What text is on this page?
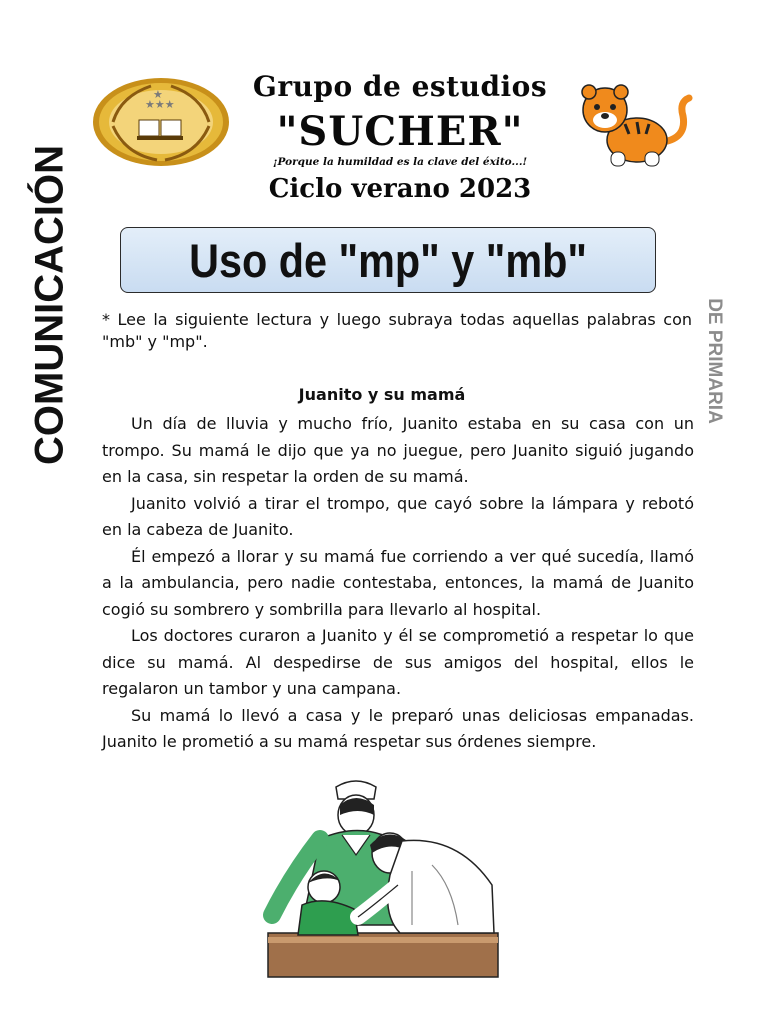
★★★
★	Grupo de estudios
"SUCHER"
¡Porque la humildad es la clave del éxito...!
Ciclo verano 2023
Uso de "mp" y "mb"
COMUNICACIÓN	DE PRIMARIA
* Lee la siguiente lectura y luego subraya todas aquellas palabras con "mb" y "mp".
Juanito y su mamá

Un día de lluvia y mucho frío, Juanito estaba en su casa con un trompo. Su mamá le dijo que ya no juegue, pero Juanito siguió jugando en la casa, sin respetar la orden de su mamá.

Juanito volvió a tirar el trompo, que cayó sobre la lámpara y rebotó en la cabeza de Juanito.

Él empezó a llorar y su mamá fue corriendo a ver qué sucedía, llamó a la ambulancia, pero nadie contestaba, entonces, la mamá de Juanito cogió su sombrero y sombrilla para llevarlo al hospital.

Los doctores curaron a Juanito y él se comprometió a respetar lo que dice su mamá. Al despedirse de sus amigos del hospital, ellos le regalaron un tambor y una campana.

Su mamá lo llevó a casa y le preparó unas deliciosas empanadas. Juanito le prometió a su mamá respetar sus órdenes siempre.
